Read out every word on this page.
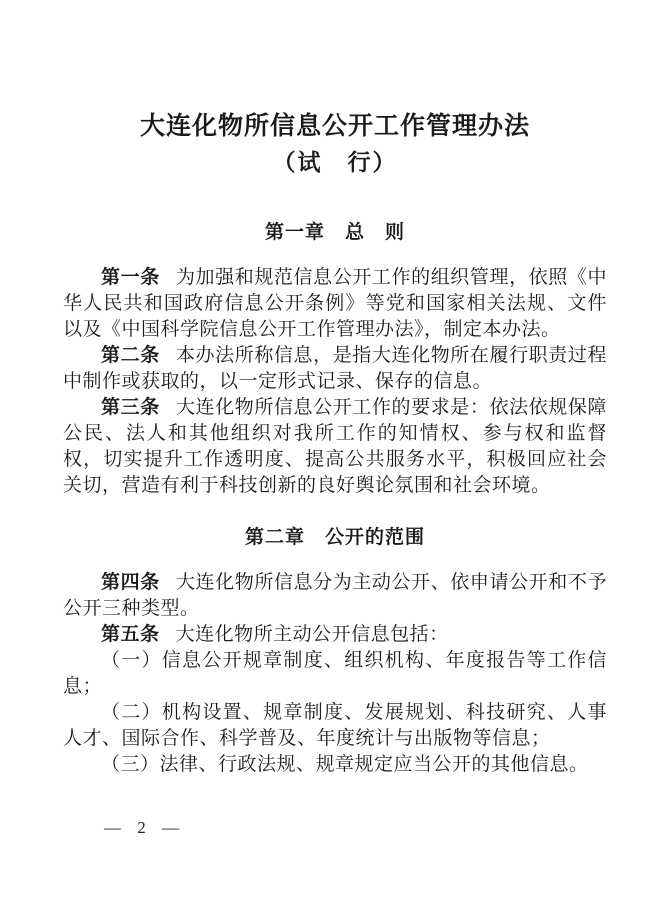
大连化物所信息公开工作管理办法
（试　行）
第一章　总　则

第一条 为加强和规范信息公开工作的组织管理，依照《中华人民共和国政府信息公开条例》等党和国家相关法规、文件以及《中国科学院信息公开工作管理办法》，制定本办法。

第二条 本办法所称信息，是指大连化物所在履行职责过程中制作或获取的，以一定形式记录、保存的信息。

第三条 大连化物所信息公开工作的要求是：依法依规保障公民、法人和其他组织对我所工作的知情权、参与权和监督权，切实提升工作透明度、提高公共服务水平，积极回应社会关切，营造有利于科技创新的良好舆论氛围和社会环境。

第二章　公开的范围

第四条 大连化物所信息分为主动公开、依申请公开和不予公开三种类型。

第五条 大连化物所主动公开信息包括：

（一）信息公开规章制度、组织机构、年度报告等工作信息；

（二）机构设置、规章制度、发展规划、科技研究、人事人才、国际合作、科学普及、年度统计与出版物等信息；

（三）法律、行政法规、规章规定应当公开的其他信息。

— 2 —
